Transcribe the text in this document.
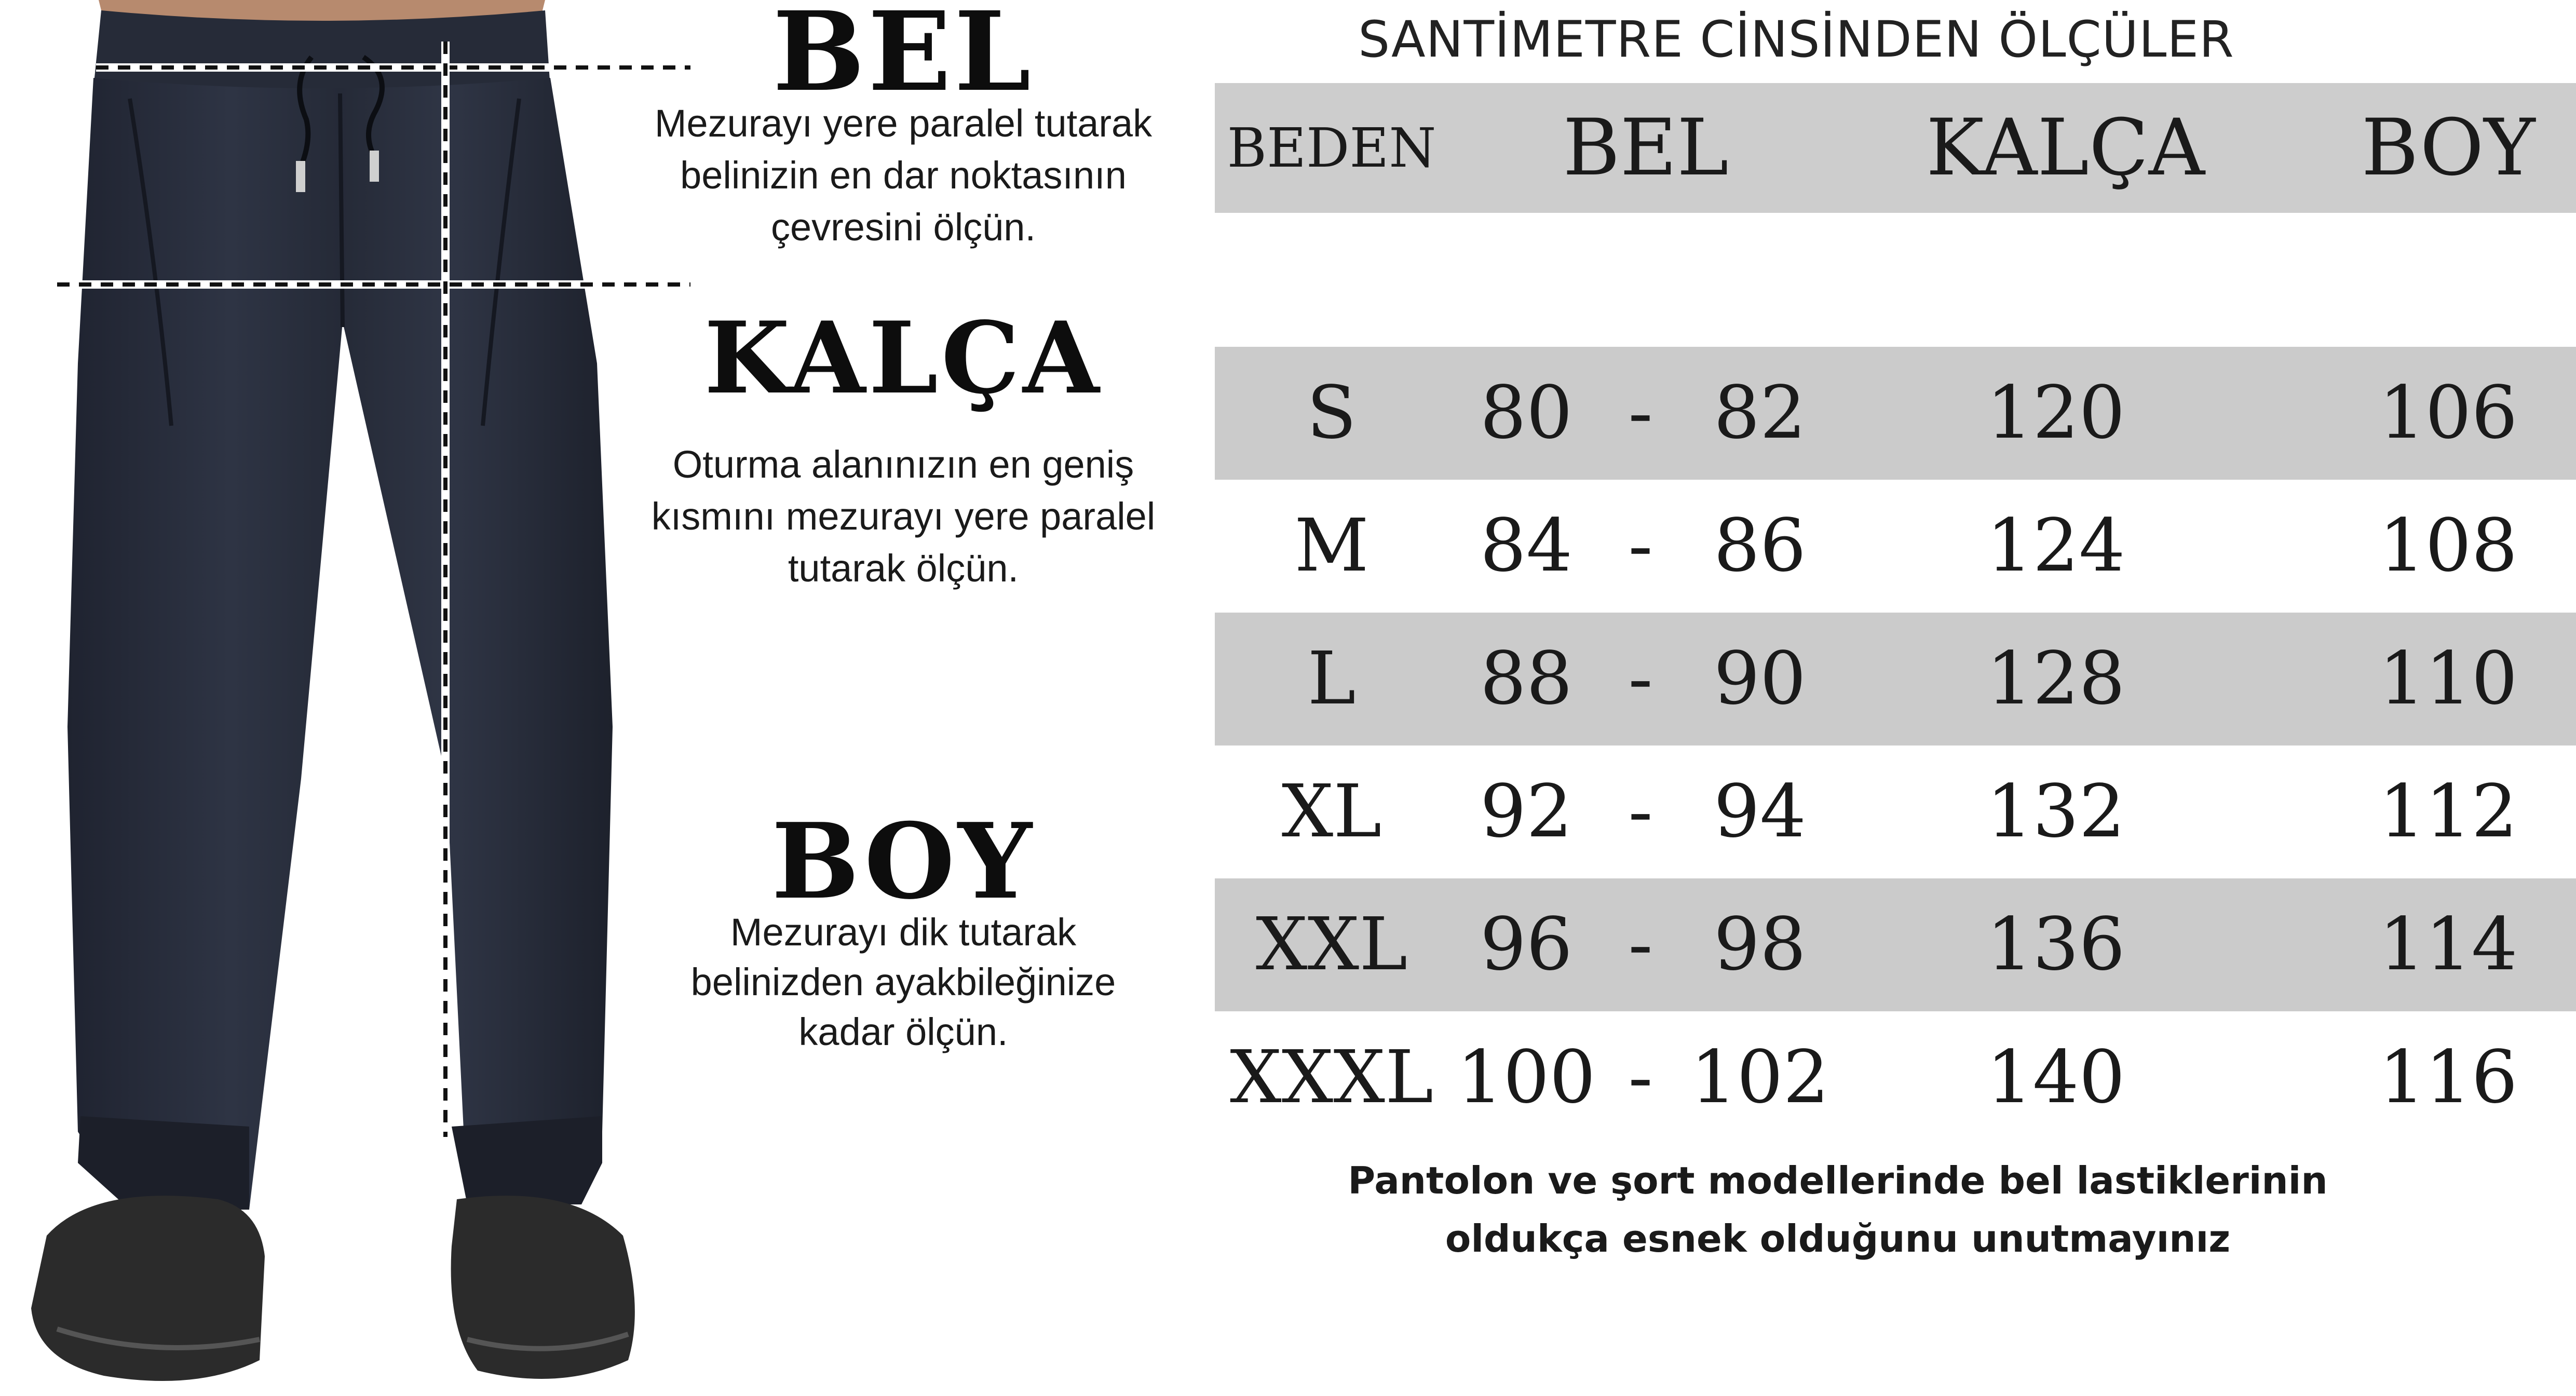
BEL
Mezurayı yere paralel tutarak
belinizin en dar noktasının
çevresini ölçün.
KALÇA
Oturma alanınızın en geniş
kısmını mezurayı yere paralel
tutarak ölçün.
BOY
Mezurayı dik tutarak
belinizden ayakbileğinize
kadar ölçün.
SANTİMETRE CİNSİNDEN ÖLÇÜLER
BEDEN	BEL	KALÇA	BOY
S	80 - 82	120	106
M	84 - 86	124	108
L	88 - 90	128	110
XL	92 - 94	132	112
XXL 96 - 98	136	114
XXXL 100 - 102	140	116
Pantolon ve şort modellerinde bel lastiklerinin
oldukça esnek olduğunu unutmayınız
